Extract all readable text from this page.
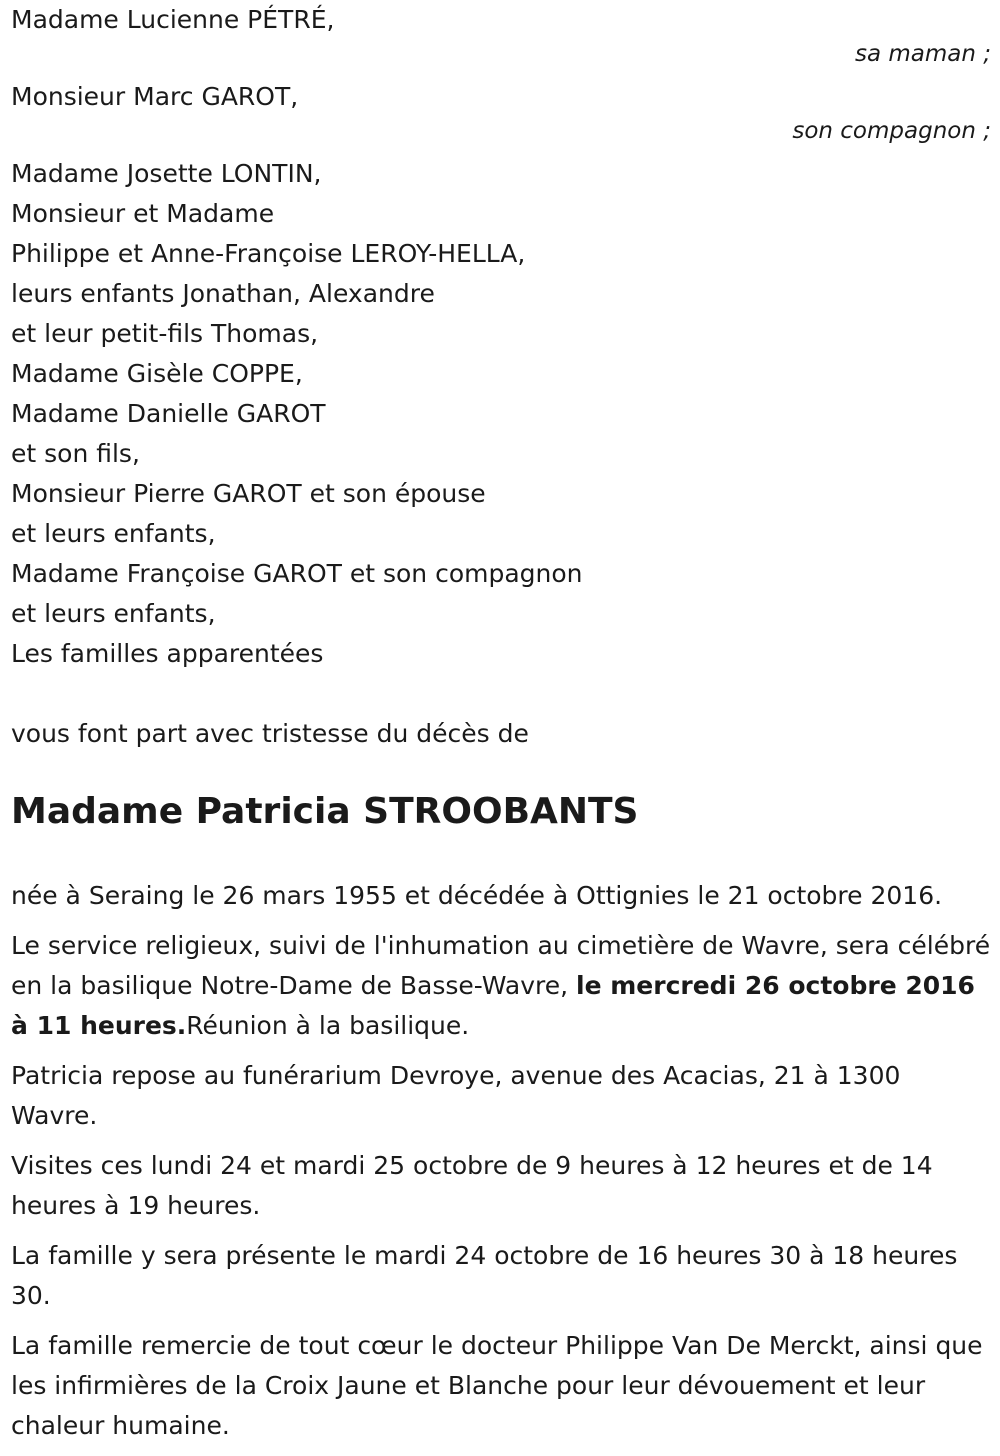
Madame Lucienne PÉTRÉ,
sa maman ;
Monsieur Marc GAROT,
son compagnon ;
Madame Josette LONTIN,
Monsieur et Madame
Philippe et Anne-Françoise LEROY-HELLA,
leurs enfants Jonathan, Alexandre
et leur petit-fils Thomas,
Madame Gisèle COPPE,
Madame Danielle GAROT
et son fils,
Monsieur Pierre GAROT et son épouse
et leurs enfants,
Madame Françoise GAROT et son compagnon
et leurs enfants,
Les familles apparentées
vous font part avec tristesse du décès de
Madame Patricia STROOBANTS

née à Seraing le 26 mars 1955 et décédée à Ottignies le 21 octobre 2016.

Le service religieux, suivi de l'inhumation au cimetière de Wavre, sera célébré en la basilique Notre-Dame de Basse-Wavre, le mercredi 26 octobre 2016 à 11 heures.Réunion à la basilique.

Patricia repose au funérarium Devroye, avenue des Acacias, 21 à 1300 Wavre.

Visites ces lundi 24 et mardi 25 octobre de 9 heures à 12 heures et de 14 heures à 19 heures.

La famille y sera présente le mardi 24 octobre de 16 heures 30 à 18 heures 30.

La famille remercie de tout cœur le docteur Philippe Van De Merckt, ainsi que les infirmières de la Croix Jaune et Blanche pour leur dévouement et leur chaleur humaine.
